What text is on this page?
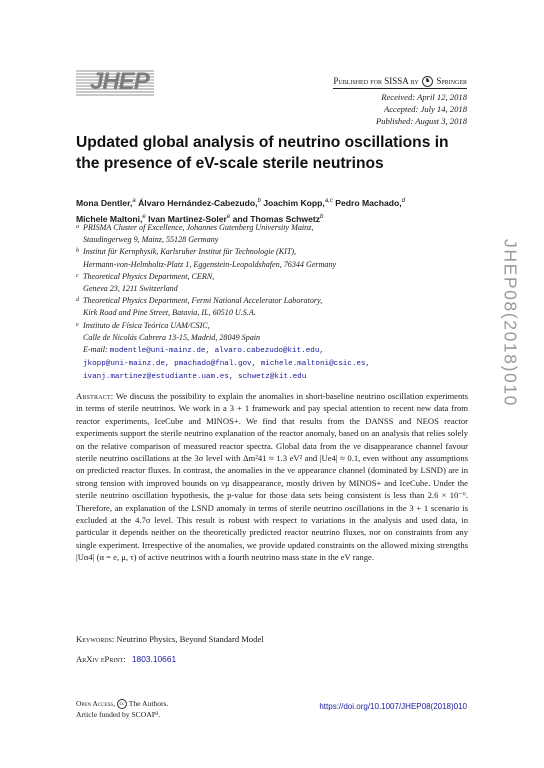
JHEP	Published for SISSA by ♞ Springer
Received: April 12, 2018
Accepted: July 14, 2018
Published: August 3, 2018
JHEP08(2018)010
Updated global analysis of neutrino oscillations in the presence of eV-scale sterile neutrinos
Mona Dentler,$^a$ Álvaro Hernández-Cabezudo,$^b$ Joachim Kopp,$^{a,c}$ Pedro Machado,$^d$
Michele Maltoni,$^e$ Ivan Martinez-Soler$^e$ and Thomas Schwetz$^b$
a PRISMA Cluster of Excellence, Johannes Gutenberg University Mainz,
Staudingerweg 9, Mainz, 55128 Germany
b Institut für Kernphysik, Karlsruher Institut für Technologie (KIT),
Hermann-von-Helmholtz-Platz 1, Eggenstein-Leopoldshafen, 76344 Germany
c Theoretical Physics Department, CERN,
Geneva 23, 1211 Switzerland
d Theoretical Physics Department, Fermi National Accelerator Laboratory,
Kirk Road and Pine Street, Batavia, IL, 60510 U.S.A.
e Instituto de Física Teórica UAM/CSIC,
Calle de Nicolás Cabrera 13-15, Madrid, 28049 Spain
E-mail: modentle@uni-mainz.de, alvaro.cabezudo@kit.edu,
jkopp@uni-mainz.de, pmachado@fnal.gov, michele.maltoni@csic.es,
ivanj.martinez@estudiante.uam.es, schwetz@kit.edu
Abstract: We discuss the possibility to explain the anomalies in short-baseline neutrino oscillation experiments in terms of sterile neutrinos. We work in a 3 + 1 framework and pay special attention to recent new data from reactor experiments, IceCube and MINOS+. We find that results from the DANSS and NEOS reactor experiments support the sterile neutrino explanation of the reactor anomaly, based on an analysis that relies solely on the relative comparison of measured reactor spectra. Global data from the νe disappearance channel favour sterile neutrino oscillations at the 3σ level with Δm²41 ≈ 1.3 eV² and |Ue4| ≈ 0.1, even without any assumptions on predicted reactor fluxes. In contrast, the anomalies in the νe appearance channel (dominated by LSND) are in strong tension with improved bounds on νμ disappearance, mostly driven by MINOS+ and IceCube. Under the sterile neutrino oscillation hypothesis, the p-value for those data sets being consistent is less than 2.6 × 10⁻⁶. Therefore, an explanation of the LSND anomaly in terms of sterile neutrino oscillations in the 3 + 1 scenario is excluded at the 4.7σ level. This result is robust with respect to variations in the analysis and used data, in particular it depends neither on the theoretically predicted reactor neutrino fluxes, nor on constraints from any single experiment. Irrespective of the anomalies, we provide updated constraints on the allowed mixing strengths |Uα4| (α = e, μ, τ) of active neutrinos with a fourth neutrino mass state in the eV range.
Keywords: Neutrino Physics, Beyond Standard Model
ArXiv ePrint: 1803.10661
Open Access, cc The Authors.
Article funded by SCOAP³.
https://doi.org/10.1007/JHEP08(2018)010
